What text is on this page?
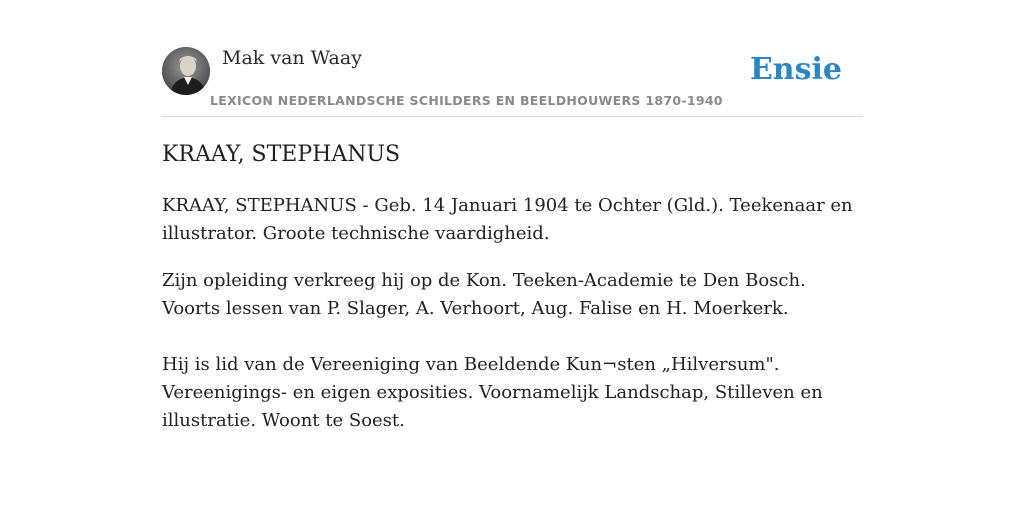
Mak van Waay
LEXICON NEDERLANDSCHE SCHILDERS EN BEELDHOUWERS 1870-1940
Ensie
KRAAY, STEPHANUS

KRAAY, STEPHANUS - Geb. 14 Januari 1904 te Ochter (Gld.). Teekenaar en illustrator. Groote technische vaardigheid.

Zijn opleiding verkreeg hij op de Kon. Teeken-Academie te Den Bosch. Voorts lessen van P. Slager, A. Verhoort, Aug. Falise en H. Moerkerk.

Hij is lid van de Vereeniging van Beeldende Kun¬sten „Hilversum". Vereenigings- en eigen exposities. Voornamelijk Landschap, Stilleven en illustratie. Woont te Soest.
